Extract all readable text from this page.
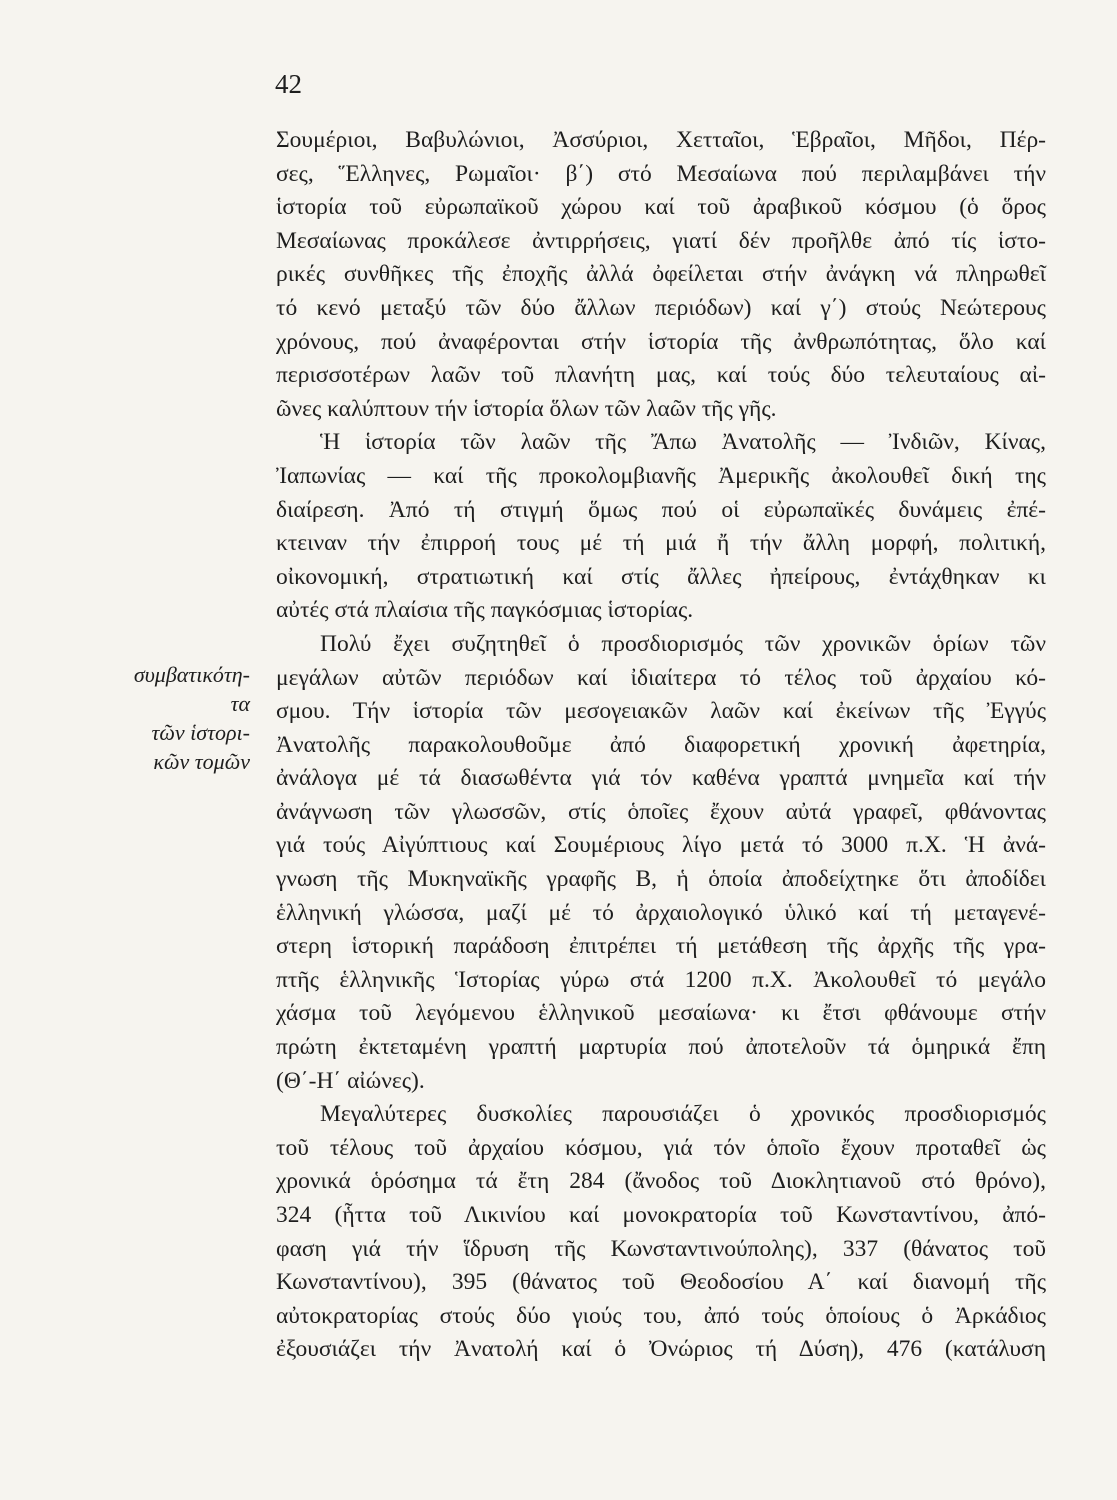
42
συμβατικότη-
τα
τῶν ἱστορι-
κῶν τομῶν
Σουμέριοι, Βαβυλώνιοι, Ἀσσύριοι, Χετταῖοι, Ἑβραῖοι, Μῆδοι, Πέρ-
σες, Ἕλληνες, Ρωμαῖοι· β΄) στό Μεσαίωνα πού περιλαμβάνει τήν
ἱστορία τοῦ εὐρωπαϊκοῦ χώρου καί τοῦ ἀραβικοῦ κόσμου (ὁ ὅρος
Μεσαίωνας προκάλεσε ἀντιρρήσεις, γιατί δέν προῆλθε ἀπό τίς ἱστο-
ρικές συνθῆκες τῆς ἐποχῆς ἀλλά ὀφείλεται στήν ἀνάγκη νά πληρωθεῖ
τό κενό μεταξύ τῶν δύο ἄλλων περιόδων) καί γ΄) στούς Νεώτερους
χρόνους, πού ἀναφέρονται στήν ἱστορία τῆς ἀνθρωπότητας, ὅλο καί
περισσοτέρων λαῶν τοῦ πλανήτη μας, καί τούς δύο τελευταίους αἰ-
ῶνες καλύπτουν τήν ἱστορία ὅλων τῶν λαῶν τῆς γῆς.
Ἡ ἱστορία τῶν λαῶν τῆς Ἄπω Ἀνατολῆς — Ἰνδιῶν, Κίνας,
Ἰαπωνίας — καί τῆς προκολομβιανῆς Ἀμερικῆς ἀκολουθεῖ δική της
διαίρεση. Ἀπό τή στιγμή ὅμως πού οἱ εὐρωπαϊκές δυνάμεις ἐπέ-
κτειναν τήν ἐπιρροή τους μέ τή μιά ἤ τήν ἄλλη μορφή, πολιτική,
οἰκονομική, στρατιωτική καί στίς ἄλλες ἠπείρους, ἐντάχθηκαν κι
αὐτές στά πλαίσια τῆς παγκόσμιας ἱστορίας.
Πολύ ἔχει συζητηθεῖ ὁ προσδιορισμός τῶν χρονικῶν ὁρίων τῶν
μεγάλων αὐτῶν περιόδων καί ἰδιαίτερα τό τέλος τοῦ ἀρχαίου κό-
σμου. Τήν ἱστορία τῶν μεσογειακῶν λαῶν καί ἐκείνων τῆς Ἐγγύς
Ἀνατολῆς παρακολουθοῦμε ἀπό διαφορετική χρονική ἀφετηρία,
ἀνάλογα μέ τά διασωθέντα γιά τόν καθένα γραπτά μνημεῖα καί τήν
ἀνάγνωση τῶν γλωσσῶν, στίς ὁποῖες ἔχουν αὐτά γραφεῖ, φθάνοντας
γιά τούς Αἰγύπτιους καί Σουμέριους λίγο μετά τό 3000 π.Χ. Ἡ ἀνά-
γνωση τῆς Μυκηναϊκῆς γραφῆς Β, ἡ ὁποία ἀποδείχτηκε ὅτι ἀποδίδει
ἑλληνική γλώσσα, μαζί μέ τό ἀρχαιολογικό ὑλικό καί τή μεταγενέ-
στερη ἱστορική παράδοση ἐπιτρέπει τή μετάθεση τῆς ἀρχῆς τῆς γρα-
πτῆς ἑλληνικῆς Ἱστορίας γύρω στά 1200 π.Χ. Ἀκολουθεῖ τό μεγάλο
χάσμα τοῦ λεγόμενου ἑλληνικοῦ μεσαίωνα· κι ἔτσι φθάνουμε στήν
πρώτη ἐκτεταμένη γραπτή μαρτυρία πού ἀποτελοῦν τά ὁμηρικά ἔπη
(Θ΄-Η΄ αἰώνες).
Μεγαλύτερες δυσκολίες παρουσιάζει ὁ χρονικός προσδιορισμός
τοῦ τέλους τοῦ ἀρχαίου κόσμου, γιά τόν ὁποῖο ἔχουν προταθεῖ ὡς
χρονικά ὁρόσημα τά ἔτη 284 (ἄνοδος τοῦ Διοκλητιανοῦ στό θρόνο),
324 (ἧττα τοῦ Λικινίου καί μονοκρατορία τοῦ Κωνσταντίνου, ἀπό-
φαση γιά τήν ἵδρυση τῆς Κωνσταντινούπολης), 337 (θάνατος τοῦ
Κωνσταντίνου), 395 (θάνατος τοῦ Θεοδοσίου Α΄ καί διανομή τῆς
αὐτοκρατορίας στούς δύο γιούς του, ἀπό τούς ὁποίους ὁ Ἀρκάδιος
ἐξουσιάζει τήν Ἀνατολή καί ὁ Ὀνώριος τή Δύση), 476 (κατάλυση
